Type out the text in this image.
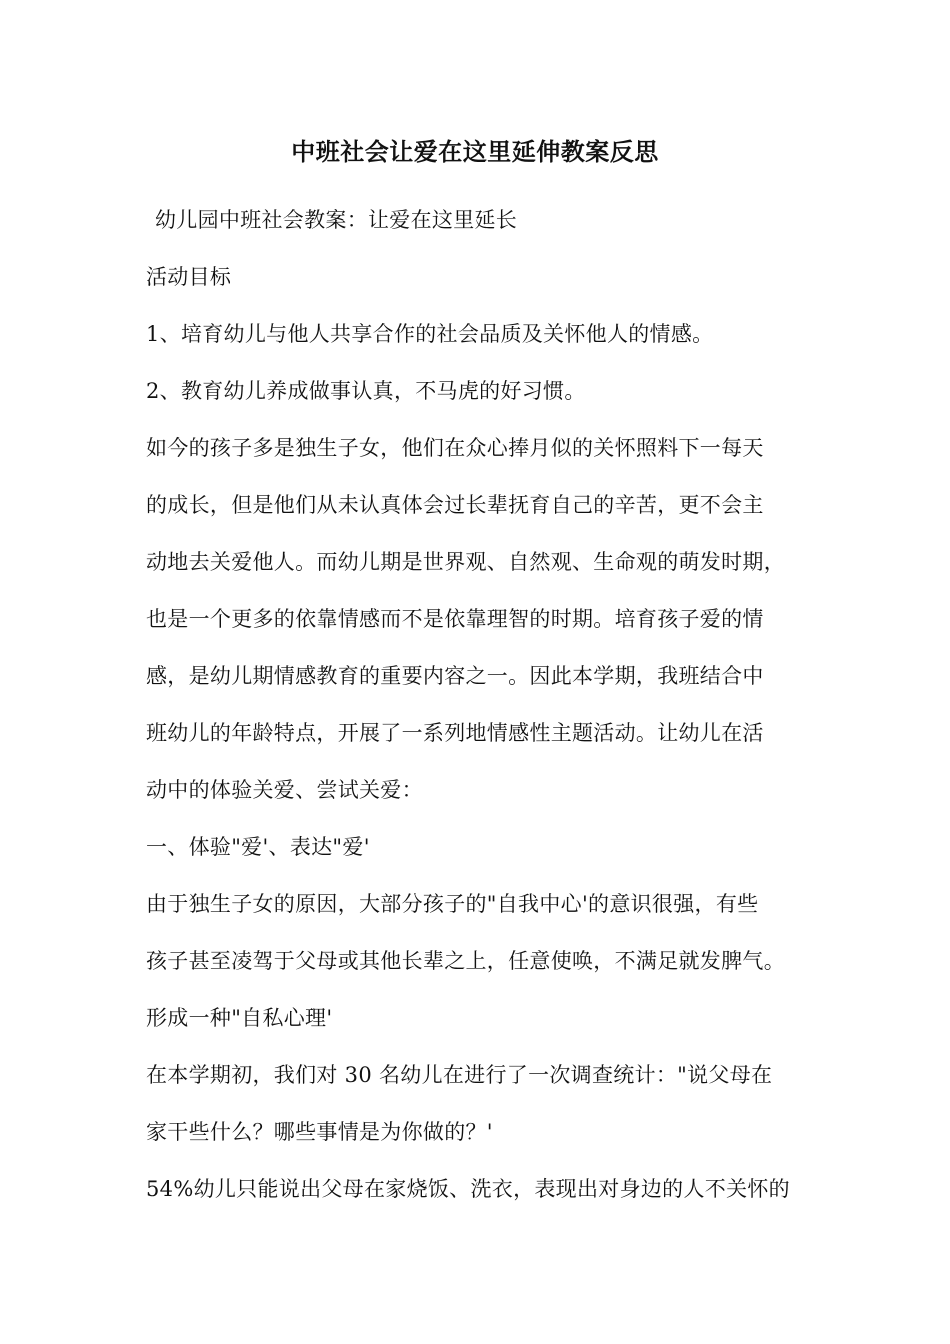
中班社会让爱在这里延伸教案反思
幼儿园中班社会教案：让爱在这里延长
活动目标
1、培育幼儿与他人共享合作的社会品质及关怀他人的情感。
2、教育幼儿养成做事认真，不马虎的好习惯。
如今的孩子多是独生子女，他们在众心捧月似的关怀照料下一每天
的成长，但是他们从未认真体会过长辈抚育自己的辛苦，更不会主
动地去关爱他人。而幼儿期是世界观、自然观、生命观的萌发时期，
也是一个更多的依靠情感而不是依靠理智的时期。培育孩子爱的情
感，是幼儿期情感教育的重要内容之一。因此本学期，我班结合中
班幼儿的年龄特点，开展了一系列地情感性主题活动。让幼儿在活
动中的体验关爱、尝试关爱：
一、体验"爱'、表达"爱'
由于独生子女的原因，大部分孩子的"自我中心'的意识很强，有些
孩子甚至凌驾于父母或其他长辈之上，任意使唤，不满足就发脾气。
形成一种"自私心理'
在本学期初，我们对 30 名幼儿在进行了一次调查统计："说父母在
家干些什么？哪些事情是为你做的？'
54%幼儿只能说出父母在家烧饭、洗衣，表现出对身边的人不关怀的
